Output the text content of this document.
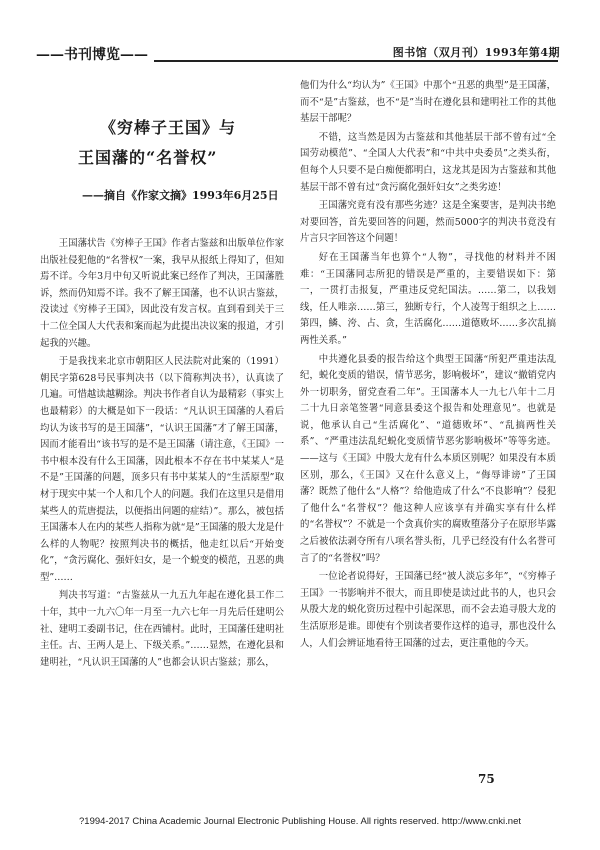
——书刊博览——	图书馆（双月刊）1993年第4期
《穷棒子王国》与
王国藩的“名誉权”
——摘自《作家文摘》1993年6月25日

王国藩状告《穷棒子王国》作者古鉴兹和出版单位作家出版社侵犯他的“名誉权”一案，我早从报纸上得知了，但知焉不详。今年3月中旬又听说此案已经作了判决，王国藩胜诉，然而仍知焉不详。我不了解王国藩，也不认识古鉴兹，没读过《穷棒子王国》，因此没有发言权。直到看到关于三十二位全国人大代表和案而起为此提出决议案的报道，才引起我的兴趣。

于是我找来北京市朝阳区人民法院对此案的（1991）朝民字第628号民事判决书（以下简称判决书），认真读了几遍。可惜越读越糊涂。判决书作者自认为最精彩（事实上也最精彩）的大概是如下一段话：“凡认识王国藩的人看后均认为该书写的是王国藩”，“认识王国藩”才了解王国藩，因而才能看出“该书写的是不是王国藩（请注意，《王国》一书中根本没有什么王国藩，因此根本不存在书中某某人“是不是”王国藩的问题，顶多只有书中某某人的“生活原型”取材于现实中某一个人和几个人的问题。我们在这里只是借用某些人的荒唐提法，以便指出问题的症结）”。那么，被包括王国藩本人在内的某些人指称为就“是”王国藩的殷大龙是什么样的人物呢？按照判决书的概括，他走红以后“开始变化”，“贪污腐化、强奸妇女，是一个蜕变的模范，丑恶的典型”……

判决书写道：“古鉴兹从一九五九年起在遵化县工作二十年，其中一九六〇年一月至一九六七年一月先后任建明公社、建明工委副书记，住在西铺村。此时，王国藩任建明社主任。古、王两人是上、下级关系。”……显然，在遵化县和建明社，“凡认识王国藩的人”也都会认识古鉴兹；那么，

他们为什么“均认为”《王国》中那个“丑恶的典型”是王国藩，而不“是”古鉴兹，也不“是”当时在遵化县和建明社工作的其他基层干部呢？

不错，这当然是因为古鉴兹和其他基层干部不曾有过“全国劳动模范”、“全国人大代表”和“中共中央委员”之类头衔，但每个人只要不是白痴便都明白，这龙其是因为古鉴兹和其他基层干部不曾有过“贪污腐化强奸妇女”之类劣迹！

王国藩究竟有没有那些劣迹？这是全案要害，是判决书绝对要回答，首先要回答的问题，然而5000字的判决书竟没有片言只字回答这个问题！

好在王国藩当年也算个“人物”，寻找他的材料并不困难：“王国藩同志所犯的错误是严重的，主要错误如下：第一，一贯打击报复，严重违反党纪国法。……第二，以我划线，任人唯亲……第三，独断专行，个人凌驾于组织之上……第四，鱗、洿、占、贪，生活腐化……道德败坏……多次乱搞两性关系。”

中共遵化县委的报告给这个典型王国藩“所犯严重违法乱纪，蜕化变质的错误，情节恶劣，影响极坏”，建议“撤销党内外一切职务，留党查看二年”。王国藩本人一九七八年十二月二十九日亲笔签署“同意县委这个报告和处理意见”。也就是说，他承认自己“生活腐化”、“道德败坏”、“乱搞两性关系”、“严重违法乱纪蜕化变质情节恶劣影响极坏”等等劣迹。——这与《王国》中殷大龙有什么本质区别呢？如果没有本质区别，那么，《王国》又在什么意义上，“侮辱诽谤”了王国藩？既然了他什么“人格”？给他造成了什么“不良影响”？侵犯了他什么“名誉权”？他这种人应该享有并确实享有什么样的“名誉权”？不就是一个贪真价实的腐败堕落分子在原形毕露之后被依法剥夺所有八项名誉头衔，几乎已经没有什么名誉可言了的“名誉权”吗？

一位论者说得好，王国藩已经“被人淡忘多年”，“《穷棒子王国》一书影响并不很大，而且即使是读过此书的人，也只会从殷大龙的蜕化资历过程中引起深思，而不会去追寻殷大龙的生活原形是谁。即使有个别读者要作这样的追寻，那也没什么人，人们会辨证地看待王国藩的过去，更注重他的今天。

75
?1994-2017 China Academic Journal Electronic Publishing House. All rights reserved. http://www.cnki.net
